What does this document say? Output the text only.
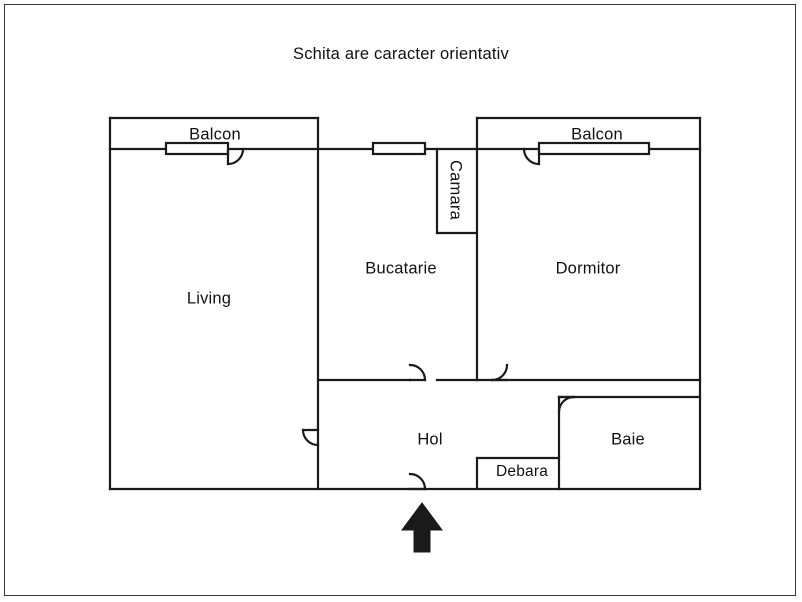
Schita are caracter orientativ
Living
Balcon
Bucatarie
Camara
Dormitor
Balcon
Hol	Baie
Debara
